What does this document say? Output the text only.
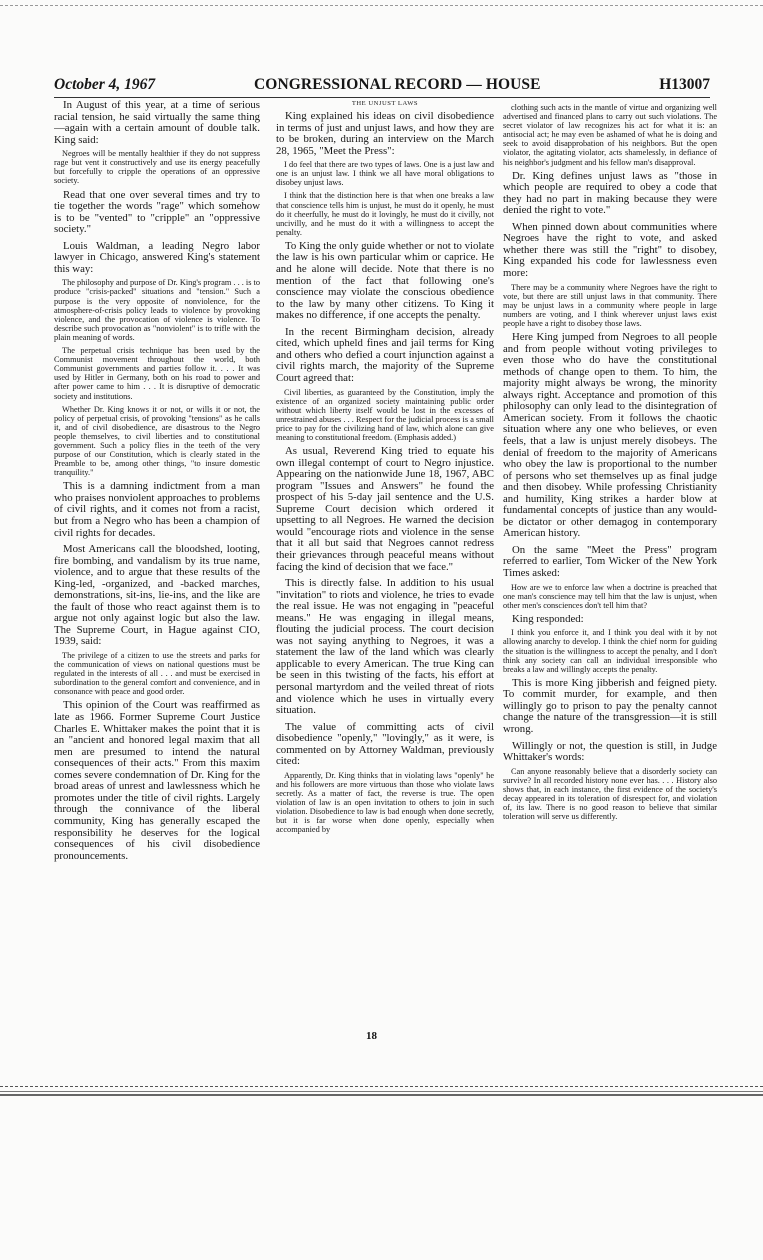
October 4, 1967	CONGRESSIONAL RECORD — HOUSE	H13007

In August of this year, at a time of serious racial tension, he said virtually the same thing—again with a certain amount of double talk. King said:

Negroes will be mentally healthier if they do not suppress rage but vent it constructively and use its energy peacefully but forcefully to cripple the operations of an oppressive society.

Read that one over several times and try to tie together the words "rage" which somehow is to be "vented" to "cripple" an "oppressive society."

Louis Waldman, a leading Negro labor lawyer in Chicago, answered King's statement this way:

The philosophy and purpose of Dr. King's program . . . is to produce "crisis-packed" situations and "tension." Such a purpose is the very opposite of nonviolence, for the atmosphere-of-crisis policy leads to violence by provoking violence, and the provocation of violence is violence. To describe such provocation as "nonviolent" is to trifle with the plain meaning of words.

The perpetual crisis technique has been used by the Communist movement throughout the world, both Communist governments and parties follow it. . . . It was used by Hitler in Germany, both on his road to power and after power came to him . . . It is disruptive of democratic society and institutions.

Whether Dr. King knows it or not, or wills it or not, the policy of perpetual crisis, of provoking "tensions" as he calls it, and of civil disobedience, are disastrous to the Negro people themselves, to civil liberties and to constitutional government. Such a policy flies in the teeth of the very purpose of our Constitution, which is clearly stated in the Preamble to be, among other things, "to insure domestic tranquility."

This is a damning indictment from a man who praises nonviolent approaches to problems of civil rights, and it comes not from a racist, but from a Negro who has been a champion of civil rights for decades.

Most Americans call the bloodshed, looting, fire bombing, and vandalism by its true name, violence, and to argue that these results of the King-led, -organized, and -backed marches, demonstrations, sit-ins, lie-ins, and the like are the fault of those who react against them is to argue not only against logic but also the law. The Supreme Court, in Hague against CIO, 1939, said:

The privilege of a citizen to use the streets and parks for the communication of views on national questions must be regulated in the interests of all . . . and must be exercised in subordination to the general comfort and convenience, and in consonance with peace and good order.

This opinion of the Court was reaffirmed as late as 1966. Former Supreme Court Justice Charles E. Whittaker makes the point that it is an "ancient and honored legal maxim that all men are presumed to intend the natural consequences of their acts." From this maxim comes severe condemnation of Dr. King for the broad areas of unrest and lawlessness which he promotes under the title of civil rights. Largely through the connivance of the liberal community, King has generally escaped the responsibility he deserves for the logical consequences of his civil disobedience pronouncements.

THE UNJUST LAWS

King explained his ideas on civil disobedience in terms of just and unjust laws, and how they are to be broken, during an interview on the March 28, 1965, "Meet the Press":

I do feel that there are two types of laws. One is a just law and one is an unjust law. I think we all have moral obligations to disobey unjust laws.

I think that the distinction here is that when one breaks a law that conscience tells him is unjust, he must do it openly, he must do it cheerfully, he must do it lovingly, he must do it civilly, not uncivilly, and he must do it with a willingness to accept the penalty.

To King the only guide whether or not to violate the law is his own particular whim or caprice. He and he alone will decide. Note that there is no mention of the fact that following one's conscience may violate the conscious obedience to the law by many other citizens. To King it makes no difference, if one accepts the penalty.

In the recent Birmingham decision, already cited, which upheld fines and jail terms for King and others who defied a court injunction against a civil rights march, the majority of the Supreme Court agreed that:

Civil liberties, as guaranteed by the Constitution, imply the existence of an organized society maintaining public order without which liberty itself would be lost in the excesses of unrestrained abuses . . . Respect for the judicial process is a small price to pay for the civilizing hand of law, which alone can give meaning to constitutional freedom. (Emphasis added.)

As usual, Reverend King tried to equate his own illegal contempt of court to Negro injustice. Appearing on the nationwide June 18, 1967, ABC program "Issues and Answers" he found the prospect of his 5-day jail sentence and the U.S. Supreme Court decision which ordered it upsetting to all Negroes. He warned the decision would "encourage riots and violence in the sense that it all but said that Negroes cannot redress their grievances through peaceful means without facing the kind of decision that we face."

This is directly false. In addition to his usual "invitation" to riots and violence, he tries to evade the real issue. He was not engaging in "peaceful means." He was engaging in illegal means, flouting the judicial process. The court decision was not saying anything to Negroes, it was a statement the law of the land which was clearly applicable to every American. The true King can be seen in this twisting of the facts, his effort at personal martyrdom and the veiled threat of riots and violence which he uses in virtually every situation.

The value of committing acts of civil disobedience "openly," "lovingly," as it were, is commented on by Attorney Waldman, previously cited:

Apparently, Dr. King thinks that in violating laws "openly" he and his followers are more virtuous than those who violate laws secretly. As a matter of fact, the reverse is true. The open violation of law is an open invitation to others to join in such violation. Disobedience to law is bad enough when done secretly, but it is far worse when done openly, especially when accompanied by

clothing such acts in the mantle of virtue and organizing well advertised and financed plans to carry out such violations. The secret violator of law recognizes his act for what it is: an antisocial act; he may even be ashamed of what he is doing and seek to avoid disapprobation of his neighbors. But the open violator, the agitating violator, acts shamelessly, in defiance of his neighbor's judgment and his fellow man's disapproval.

Dr. King defines unjust laws as "those in which people are required to obey a code that they had no part in making because they were denied the right to vote."

When pinned down about communities where Negroes have the right to vote, and asked whether there was still the "right" to disobey, King expanded his code for lawlessness even more:

There may be a community where Negroes have the right to vote, but there are still unjust laws in that community. There may be unjust laws in a community where people in large numbers are voting, and I think wherever unjust laws exist people have a right to disobey those laws.

Here King jumped from Negroes to all people and from people without voting privileges to even those who do have the constitutional methods of change open to them. To him, the majority might always be wrong, the minority always right. Acceptance and promotion of this philosophy can only lead to the disintegration of American society. From it follows the chaotic situation where any one who believes, or even feels, that a law is unjust merely disobeys. The denial of freedom to the majority of Americans who obey the law is proportional to the number of persons who set themselves up as final judge and then disobey. While professing Christianity and humility, King strikes a harder blow at fundamental concepts of justice than any would-be dictator or other demagog in contemporary American history.

On the same "Meet the Press" program referred to earlier, Tom Wicker of the New York Times asked:

How are we to enforce law when a doctrine is preached that one man's conscience may tell him that the law is unjust, when other men's consciences don't tell him that?

King responded:

I think you enforce it, and I think you deal with it by not allowing anarchy to develop. I think the chief norm for guiding the situation is the willingness to accept the penalty, and I don't think any society can call an individual irresponsible who breaks a law and willingly accepts the penalty.

This is more King jibberish and feigned piety. To commit murder, for example, and then willingly go to prison to pay the penalty cannot change the nature of the transgression—it is still wrong.

Willingly or not, the question is still, in Judge Whittaker's words:

Can anyone reasonably believe that a disorderly society can survive? In all recorded history none ever has. . . . History also shows that, in each instance, the first evidence of the society's decay appeared in its toleration of disrespect for, and violation of, its law. There is no good reason to believe that similar toleration will serve us differently.

18
